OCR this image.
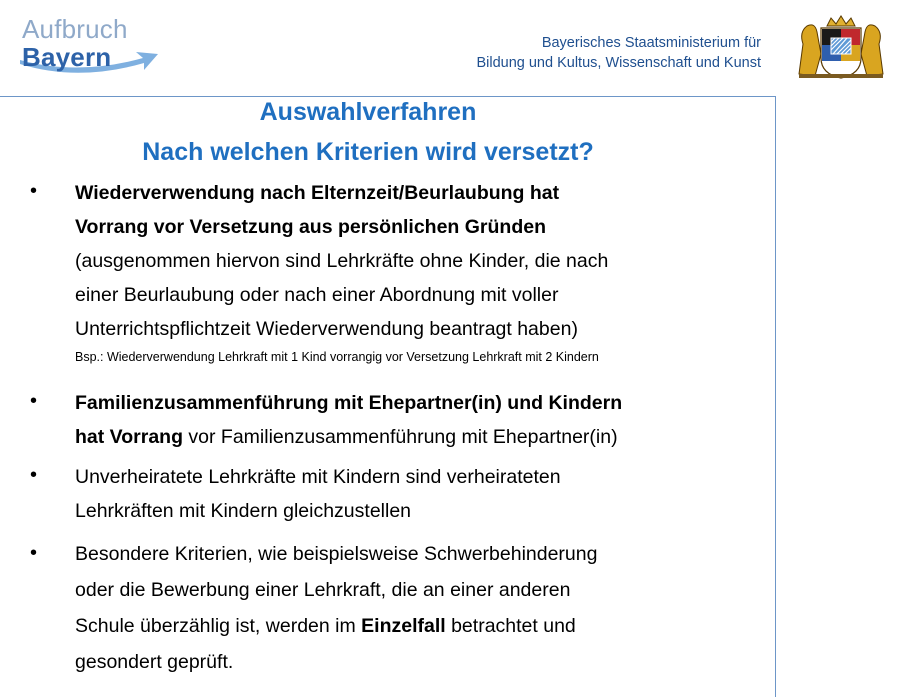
Aufbruch
Bayern	Bayerisches Staatsministerium für
Bildung und Kultus, Wissenschaft und Kunst
Auswahlverfahren
Nach welchen Kriterien wird versetzt?
• Wiederverwendung nach Elternzeit/Beurlaubung hat
Vorrang vor Versetzung aus persönlichen Gründen
(ausgenommen hiervon sind Lehrkräfte ohne Kinder, die nach
einer Beurlaubung oder nach einer Abordnung mit voller
Unterrichtspflichtzeit Wiederverwendung beantragt haben)
Bsp.: Wiederverwendung Lehrkraft mit 1 Kind vorrangig vor Versetzung Lehrkraft mit 2 Kindern
• Familienzusammenführung mit Ehepartner(in) und Kindern
hat Vorrang vor Familienzusammenführung mit Ehepartner(in)
• Unverheiratete Lehrkräfte mit Kindern sind verheirateten
Lehrkräften mit Kindern gleichzustellen
• Besondere Kriterien, wie beispielsweise Schwerbehinderung
oder die Bewerbung einer Lehrkraft, die an einer anderen
Schule überzählig ist, werden im Einzelfall betrachtet und
gesondert geprüft.
